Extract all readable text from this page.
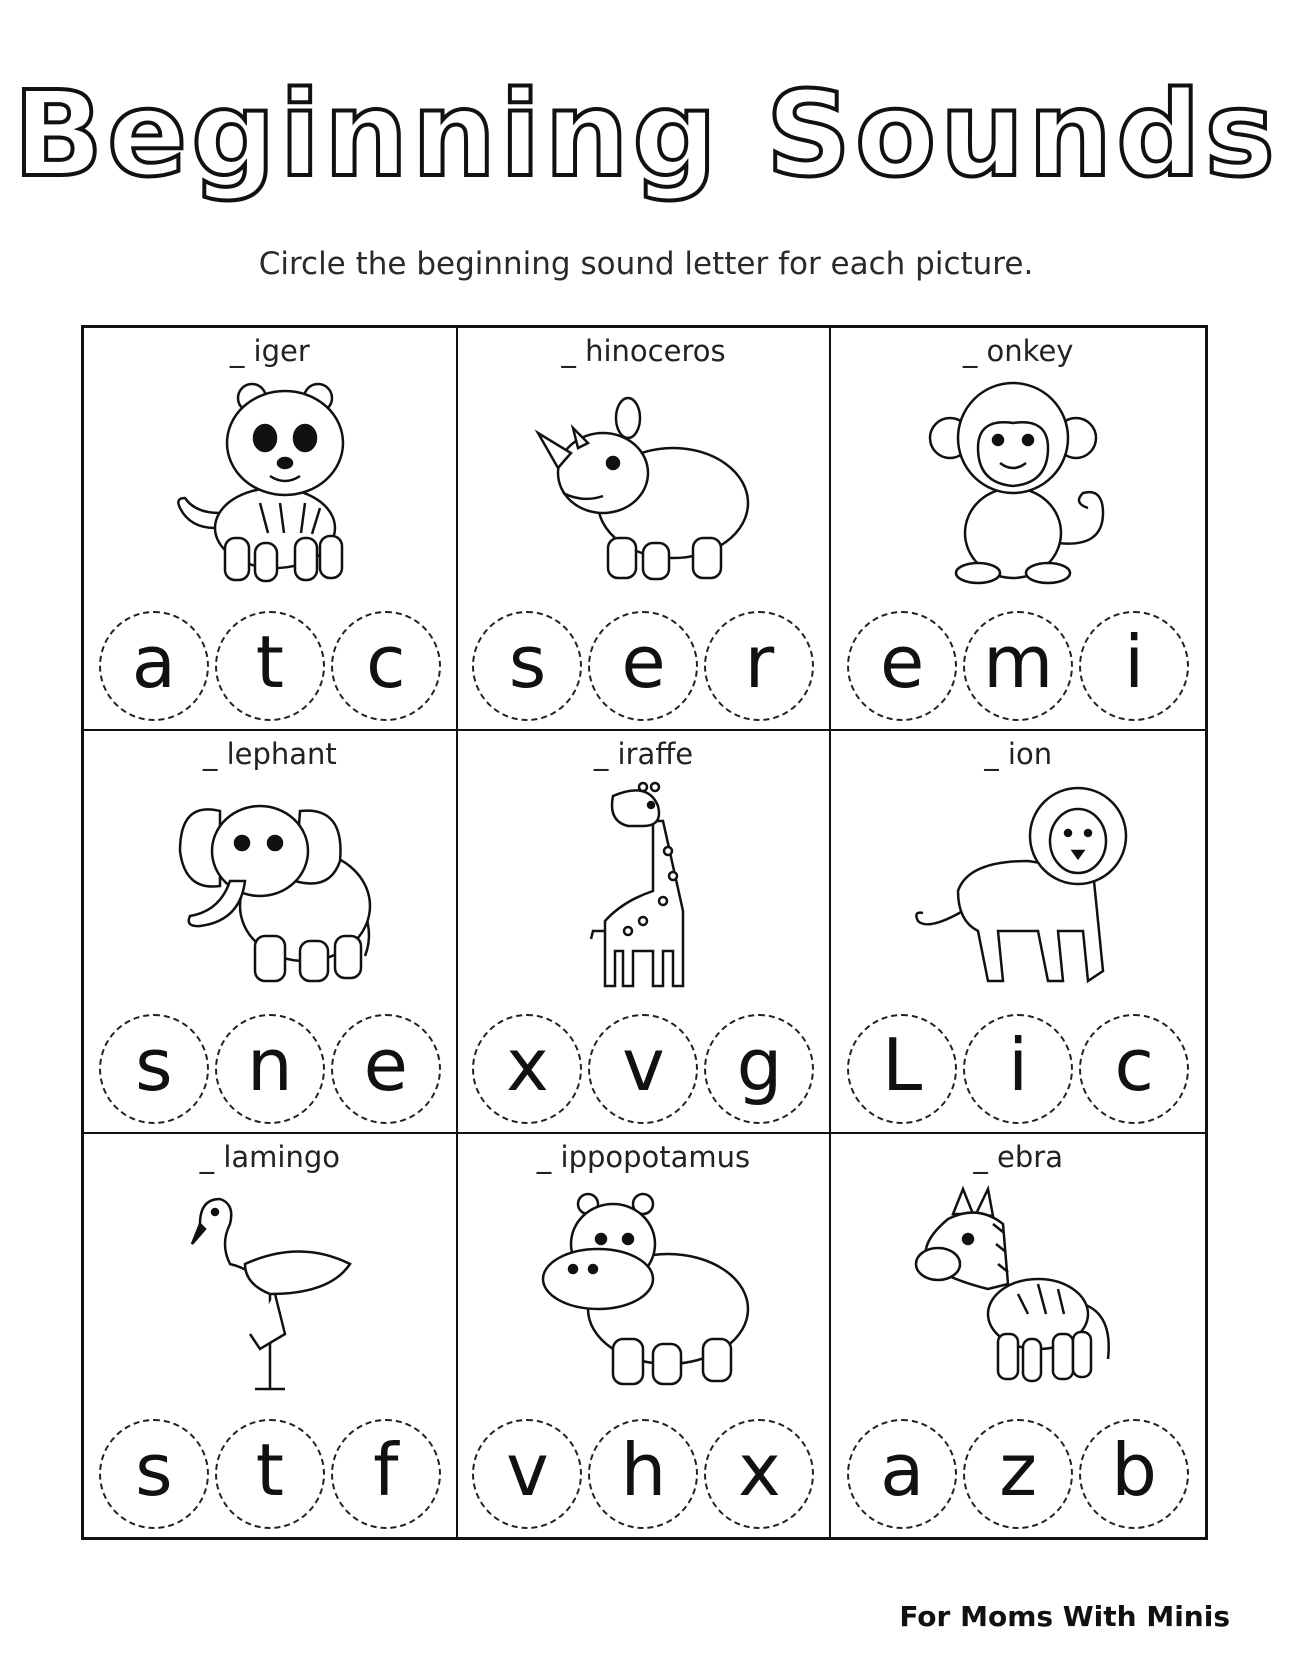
Beginning Sounds
Circle the beginning sound letter for each picture.
_ iger
a	t	c
_ hinoceros
s	e	r
_ onkey
e m i
_ lephant
s	n e
_ iraffe
x	v g
_ ion
L	i	c
_ lamingo
s	t	f
_ ippopotamus
v h x
_ ebra
a	z	b
For Moms With Minis
